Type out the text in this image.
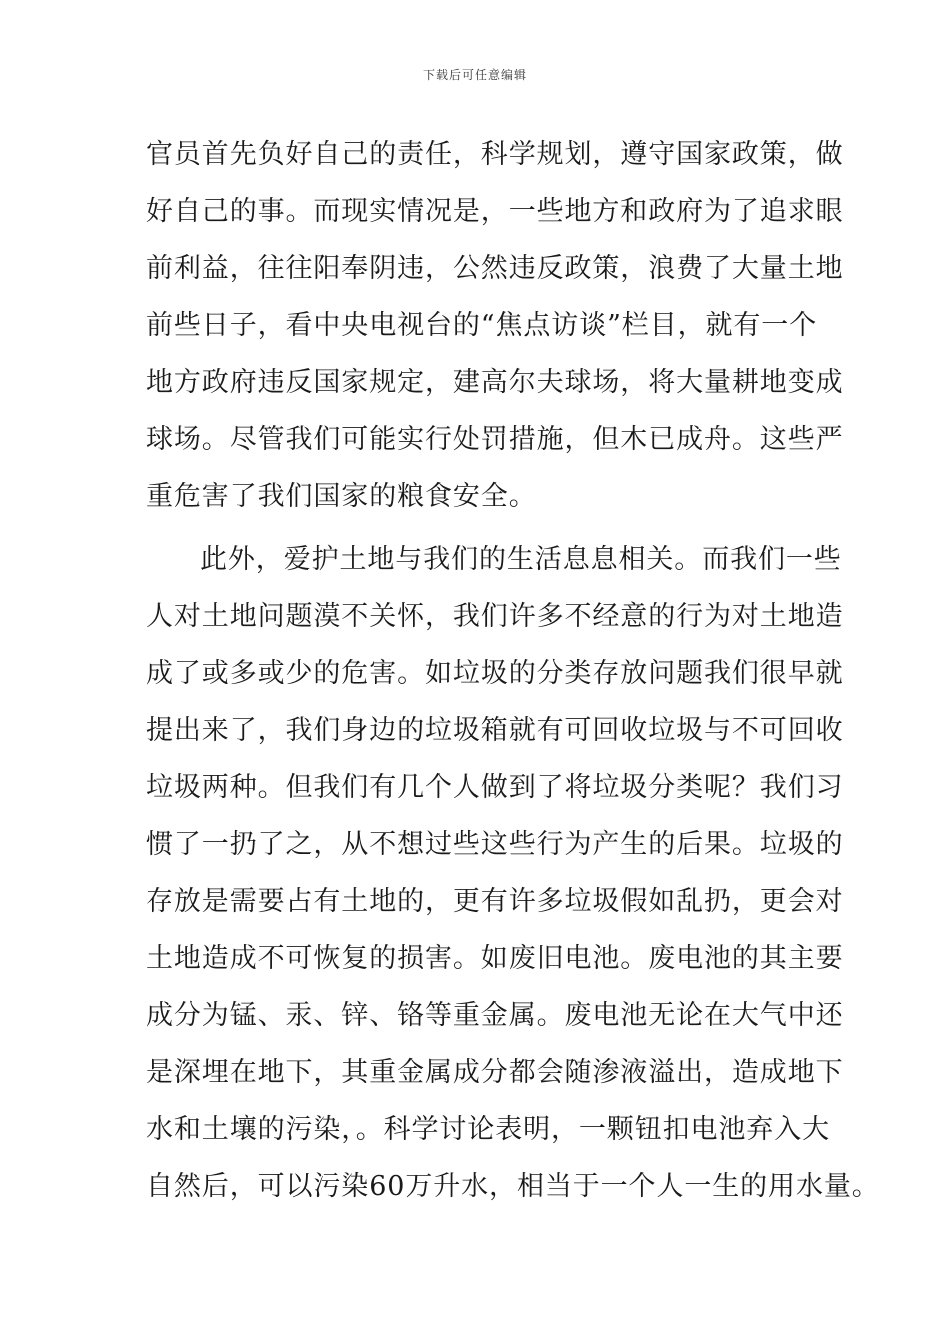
下载后可任意编辑
官员首先负好自己的责任，科学规划，遵守国家政策，做
好自己的事。而现实情况是，一些地方和政府为了追求眼
前利益，往往阳奉阴违，公然违反政策，浪费了大量土地
前些日子，看中央电视台的“焦点访谈”栏目，就有一个
地方政府违反国家规定，建高尔夫球场，将大量耕地变成
球场。尽管我们可能实行处罚措施，但木已成舟。这些严
重危害了我们国家的粮食安全。
此外，爱护土地与我们的生活息息相关。而我们一些
人对土地问题漠不关怀，我们许多不经意的行为对土地造
成了或多或少的危害。如垃圾的分类存放问题我们很早就
提出来了，我们身边的垃圾箱就有可回收垃圾与不可回收
垃圾两种。但我们有几个人做到了将垃圾分类呢？我们习
惯了一扔了之，从不想过些这些行为产生的后果。垃圾的
存放是需要占有土地的，更有许多垃圾假如乱扔，更会对
土地造成不可恢复的损害。如废旧电池。废电池的其主要
成分为锰、汞、锌、铬等重金属。废电池无论在大气中还
是深埋在地下，其重金属成分都会随渗液溢出，造成地下
水和土壤的污染，。科学讨论表明，一颗钮扣电池弃入大
自然后，可以污染60万升水，相当于一个人一生的用水量。
